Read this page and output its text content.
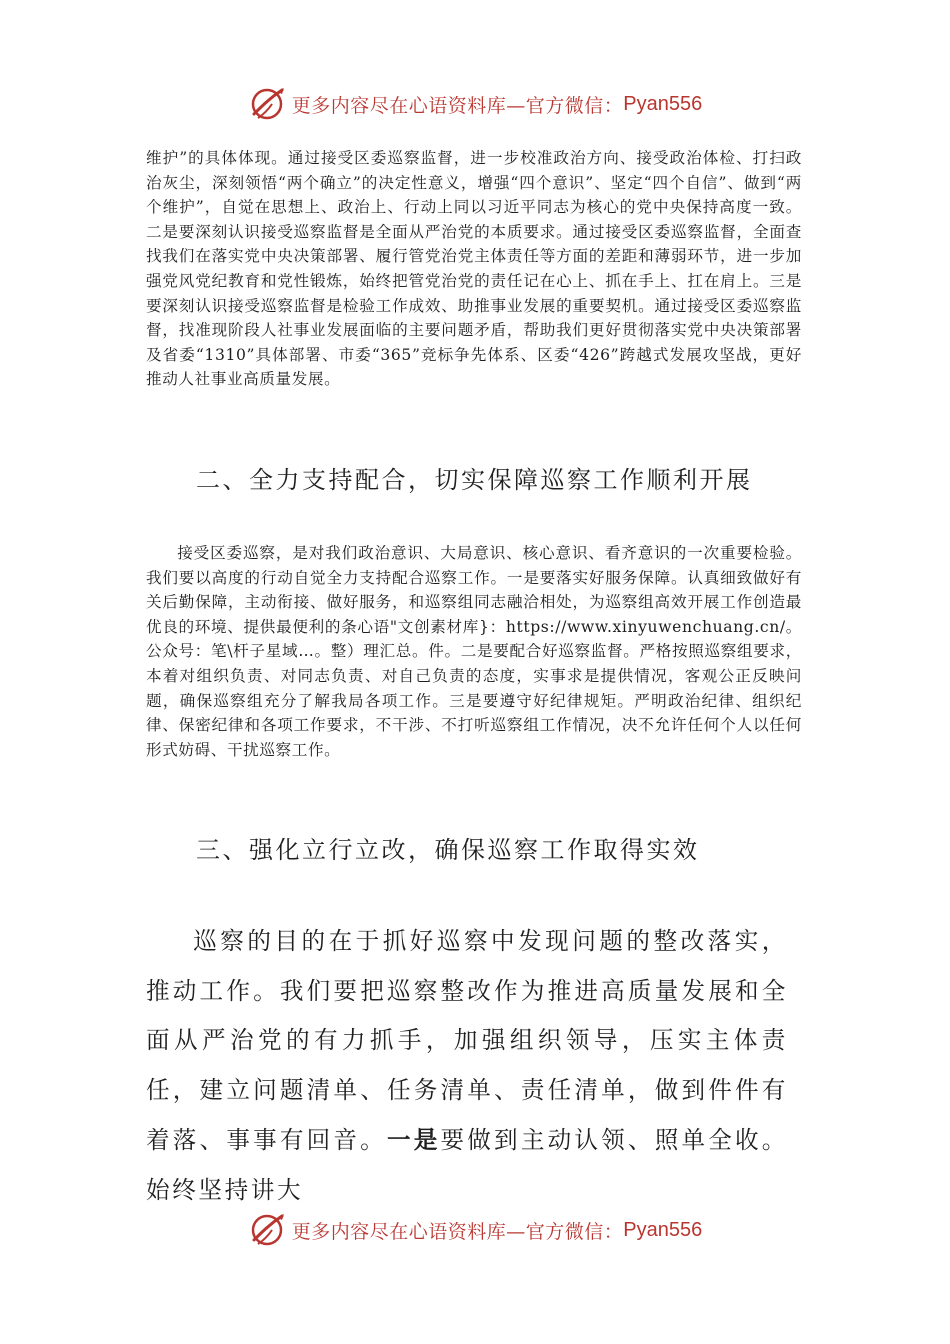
更多内容尽在心语资料库—官方微信： Pyan556

维护”的具体体现。通过接受区委巡察监督，进一步校准政治方向、接受政治体检、打扫政治灰尘，深刻领悟“两个确立”的决定性意义，增强“四个意识”、坚定“四个自信”、做到“两个维护”，自觉在思想上、政治上、行动上同以习近平同志为核心的党中央保持高度一致。二是要深刻认识接受巡察监督是全面从严治党的本质要求。通过接受区委巡察监督，全面查找我们在落实党中央决策部署、履行管党治党主体责任等方面的差距和薄弱环节，进一步加强党风党纪教育和党性锻炼，始终把管党治党的责任记在心上、抓在手上、扛在肩上。三是要深刻认识接受巡察监督是检验工作成效、助推事业发展的重要契机。通过接受区委巡察监督，找准现阶段人社事业发展面临的主要问题矛盾，帮助我们更好贯彻落实党中央决策部署及省委“1310”具体部署、市委“365”竞标争先体系、区委“426”跨越式发展攻坚战，更好推动人社事业高质量发展。

二、全力支持配合，切实保障巡察工作顺利开展

接受区委巡察，是对我们政治意识、大局意识、核心意识、看齐意识的一次重要检验。我们要以高度的行动自觉全力支持配合巡察工作。一是要落实好服务保障。认真细致做好有关后勤保障，主动衔接、做好服务，和巡察组同志融洽相处，为巡察组高效开展工作创造最优良的环境、提供最便利的条心语"文创素材库}：https://www.xinyuwenchuang.cn/。公众号：笔\杆子星域…。整）理汇总。件。二是要配合好巡察监督。严格按照巡察组要求，本着对组织负责、对同志负责、对自己负责的态度，实事求是提供情况，客观公正反映问题，确保巡察组充分了解我局各项工作。三是要遵守好纪律规矩。严明政治纪律、组织纪律、保密纪律和各项工作要求，不干涉、不打听巡察组工作情况，决不允许任何个人以任何形式妨碍、干扰巡察工作。

三、强化立行立改，确保巡察工作取得实效

巡察的目的在于抓好巡察中发现问题的整改落实，推动工作。我们要把巡察整改作为推进高质量发展和全面从严治党的有力抓手，加强组织领导，压实主体责任，建立问题清单、任务清单、责任清单，做到件件有着落、事事有回音。一是要做到主动认领、照单全收。始终坚持讲大

更多内容尽在心语资料库—官方微信： Pyan556
